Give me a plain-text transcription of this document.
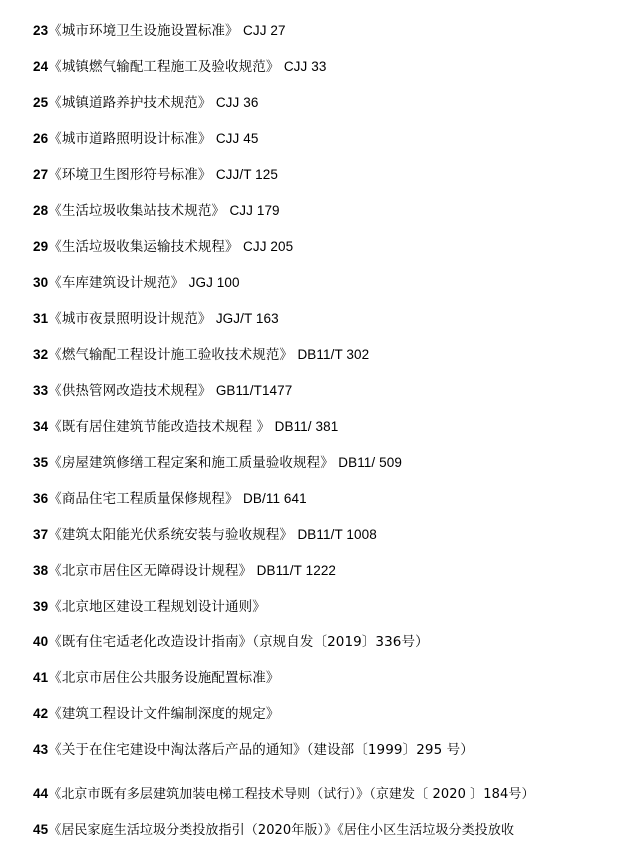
23《城市环境卫生设施设置标准》 CJJ 27
24《城镇燃气输配工程施工及验收规范》 CJJ 33
25《城镇道路养护技术规范》 CJJ 36
26《城市道路照明设计标准》 CJJ 45
27《环境卫生图形符号标准》 CJJ/T 125
28《生活垃圾收集站技术规范》 CJJ 179
29《生活垃圾收集运输技术规程》 CJJ 205
30《车库建筑设计规范》 JGJ 100
31《城市夜景照明设计规范》 JGJ/T 163
32《燃气输配工程设计施工验收技术规范》 DB11/T 302
33《供热管网改造技术规程》 GB11/T1477
34《既有居住建筑节能改造技术规程 》 DB11/ 381
35《房屋建筑修缮工程定案和施工质量验收规程》 DB11/ 509
36《商品住宅工程质量保修规程》 DB/11 641
37《建筑太阳能光伏系统安装与验收规程》 DB11/T 1008
38《北京市居住区无障碍设计规程》 DB11/T 1222
39《北京地区建设工程规划设计通则》
40《既有住宅适老化改造设计指南》（京规自发〔2019〕336号）
41《北京市居住公共服务设施配置标准》
42《建筑工程设计文件编制深度的规定》
43《关于在住宅建设中淘汰落后产品的通知》（建设部〔1999〕295 号）
44《北京市既有多层建筑加装电梯工程技术导则（试行）》（京建发〔 2020 〕184号）
45《居民家庭生活垃圾分类投放指引（2020年版）》《居住小区生活垃圾分类投放收
